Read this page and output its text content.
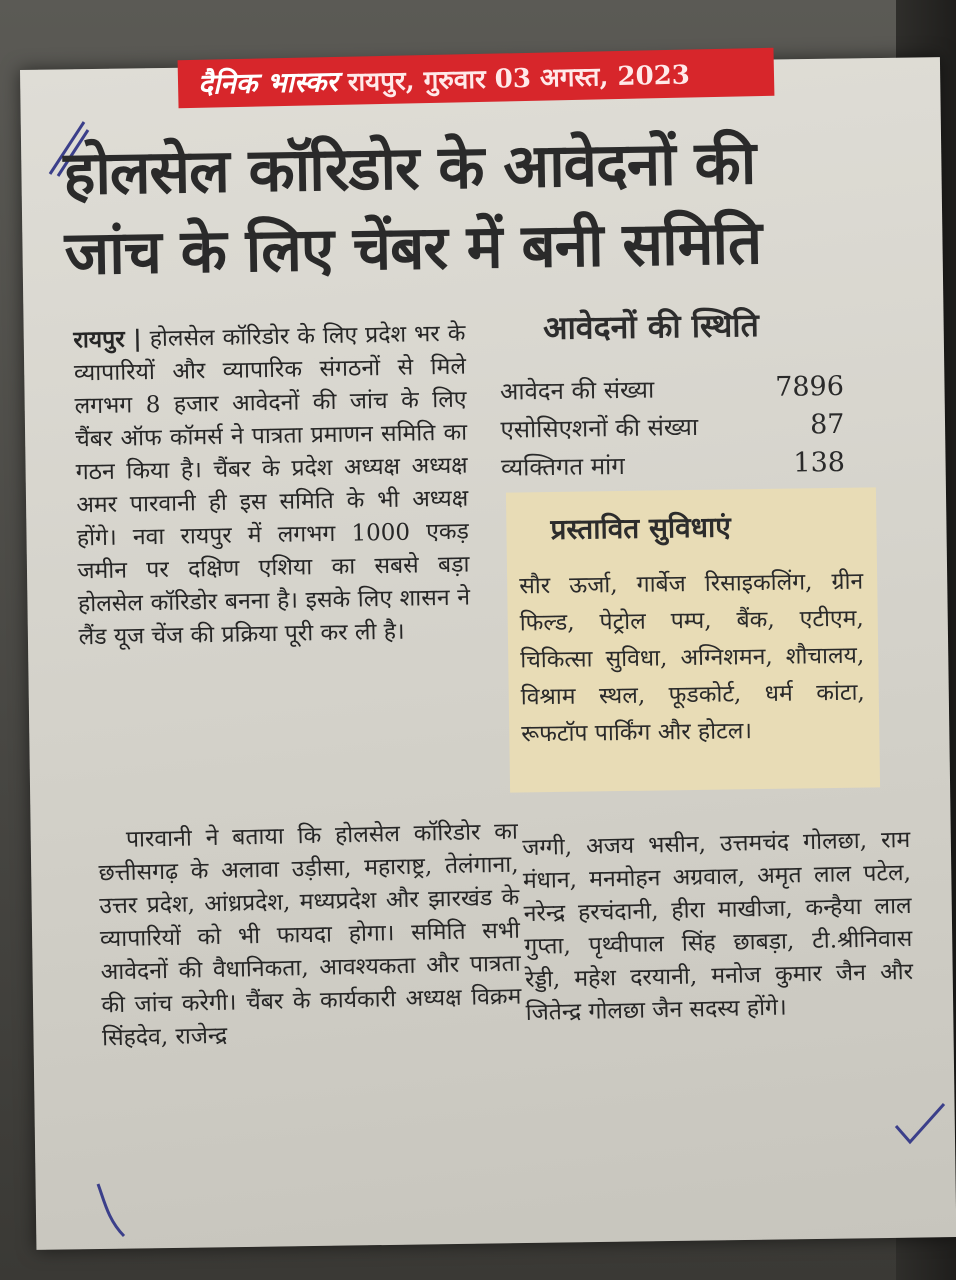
दैनिक भास्कर रायपुर, गुरुवार 03 अगस्त, 2023
होलसेल कॉरिडोर के आवेदनों की
जांच के लिए चेंबर में बनी समिति

रायपुर | होलसेल कॉरिडोर के लिए प्रदेश भर के व्यापारियों और व्यापारिक संगठनों से मिले लगभग 8 हजार आवेदनों की जांच के लिए चैंबर ऑफ कॉमर्स ने पात्रता प्रमाणन समिति का गठन किया है। चैंबर के प्रदेश अध्यक्ष अध्यक्ष अमर पारवानी ही इस समिति के भी अध्यक्ष होंगे। नवा रायपुर में लगभग 1000 एकड़ जमीन पर दक्षिण एशिया का सबसे बड़ा होलसेल कॉरिडोर बनना है। इसके लिए शासन ने लैंड यूज चेंज की प्रक्रिया पूरी कर ली है।

पारवानी ने बताया कि होलसेल कॉरिडोर का छत्तीसगढ़ के अलावा उड़ीसा, महाराष्ट्र, तेलंगाना, उत्तर प्रदेश, आंध्रप्रदेश, मध्यप्रदेश और झारखंड के व्यापारियों को भी फायदा होगा। समिति सभी आवेदनों की वैधानिकता, आवश्यकता और पात्रता की जांच करेगी। चैंबर के कार्यकारी अध्यक्ष विक्रम सिंहदेव, राजेन्द्र

जग्गी, अजय भसीन, उत्तमचंद गोलछा, राम मंधान, मनमोहन अग्रवाल, अमृत लाल पटेल, नरेन्द्र हरचंदानी, हीरा माखीजा, कन्हैया लाल गुप्ता, पृथ्वीपाल सिंह छाबड़ा, टी.श्रीनिवास रेड्डी, महेश दरयानी, मनोज कुमार जैन और जितेन्द्र गोलछा जैन सदस्य होंगे।

आवेदनों की स्थिति
आवेदन की संख्या	7896
एसोसिएशनों की संख्या	87
व्यक्तिगत मांग	138
प्रस्तावित सुविधाएं
सौर ऊर्जा, गार्बेज रिसाइकलिंग, ग्रीन फिल्ड, पेट्रोल पम्प, बैंक, एटीएम, चिकित्सा सुविधा, अग्निशमन, शौचालय, विश्राम स्थल, फूडकोर्ट, धर्म कांटा, रूफटॉप पार्किंग और होटल।
